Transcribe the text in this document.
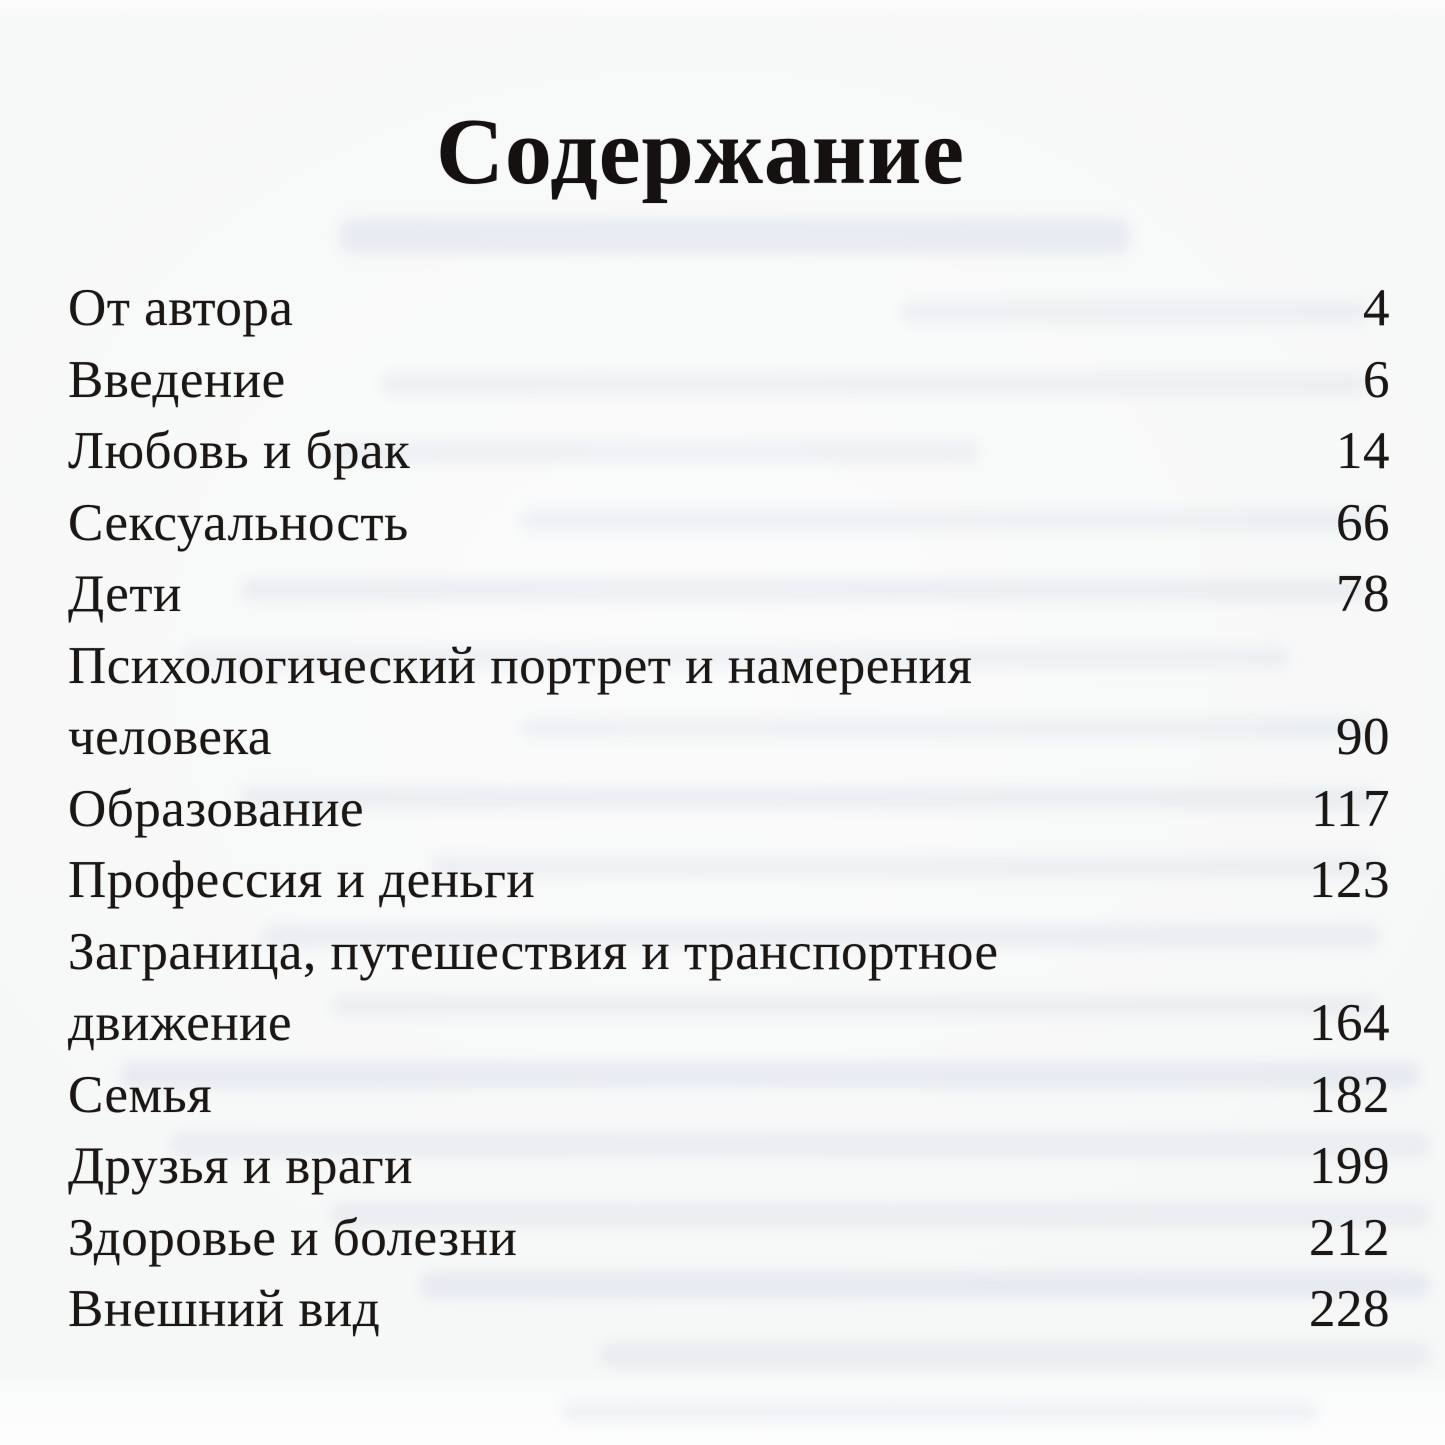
Содержание
От автора	4
Введение	6
Любовь и брак	14
Сексуальность	66
Дети	78
Психологический портрет и намерения человека	90
Образование	117
Профессия и деньги	123
Заграница, путешествия и транспортное движение	164
Семья	182
Друзья и враги	199
Здоровье и болезни	212
Внешний вид	228
